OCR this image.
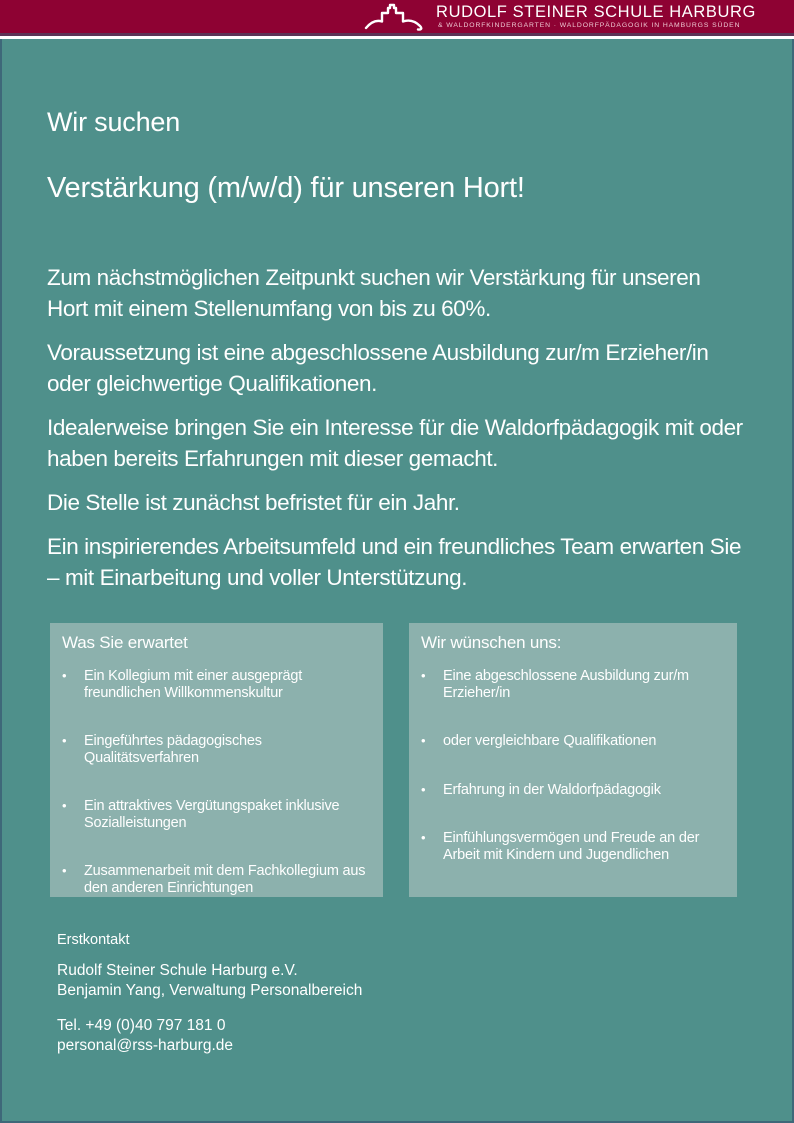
RUDOLF STEINER SCHULE HARBURG
& WALDORFKINDERGARTEN · WALDORFPÄDAGOGIK IN HAMBURGS SÜDEN
Wir suchen
Verstärkung (m/w/d) für unseren Hort!

Zum nächstmöglichen Zeitpunkt suchen wir Verstärkung für unseren Hort mit einem Stellenumfang von bis zu 60%.

Voraussetzung ist eine abgeschlossene Ausbildung zur/m Erzieher/in oder gleichwertige Qualifikationen.

Idealerweise bringen Sie ein Interesse für die Waldorfpädagogik mit oder haben bereits Erfahrungen mit dieser gemacht.

Die Stelle ist zunächst befristet für ein Jahr.

Ein inspirierendes Arbeitsumfeld und ein freundliches Team erwarten Sie – mit Einarbeitung und voller Unterstützung.

Was Sie erwartet
•	Ein Kollegium mit einer ausgeprägt freundlichen Willkommenskultur
•	Eingeführtes pädagogisches Qualitätsverfahren
•	Ein attraktives Vergütungspaket inklusive Sozialleistungen
•	Zusammenarbeit mit dem Fachkollegium aus den anderen Einrichtungen
Wir wünschen uns:
•	Eine abgeschlossene Ausbildung zur/m Erzieher/in
•	oder vergleichbare Qualifikationen
•	Erfahrung in der Waldorfpädagogik
•	Einfühlungsvermögen und Freude an der Arbeit mit Kindern und Jugendlichen
Erstkontakt
Rudolf Steiner Schule Harburg e.V.
Benjamin Yang, Verwaltung Personalbereich
Tel. +49 (0)40 797 181 0
personal@rss-harburg.de
